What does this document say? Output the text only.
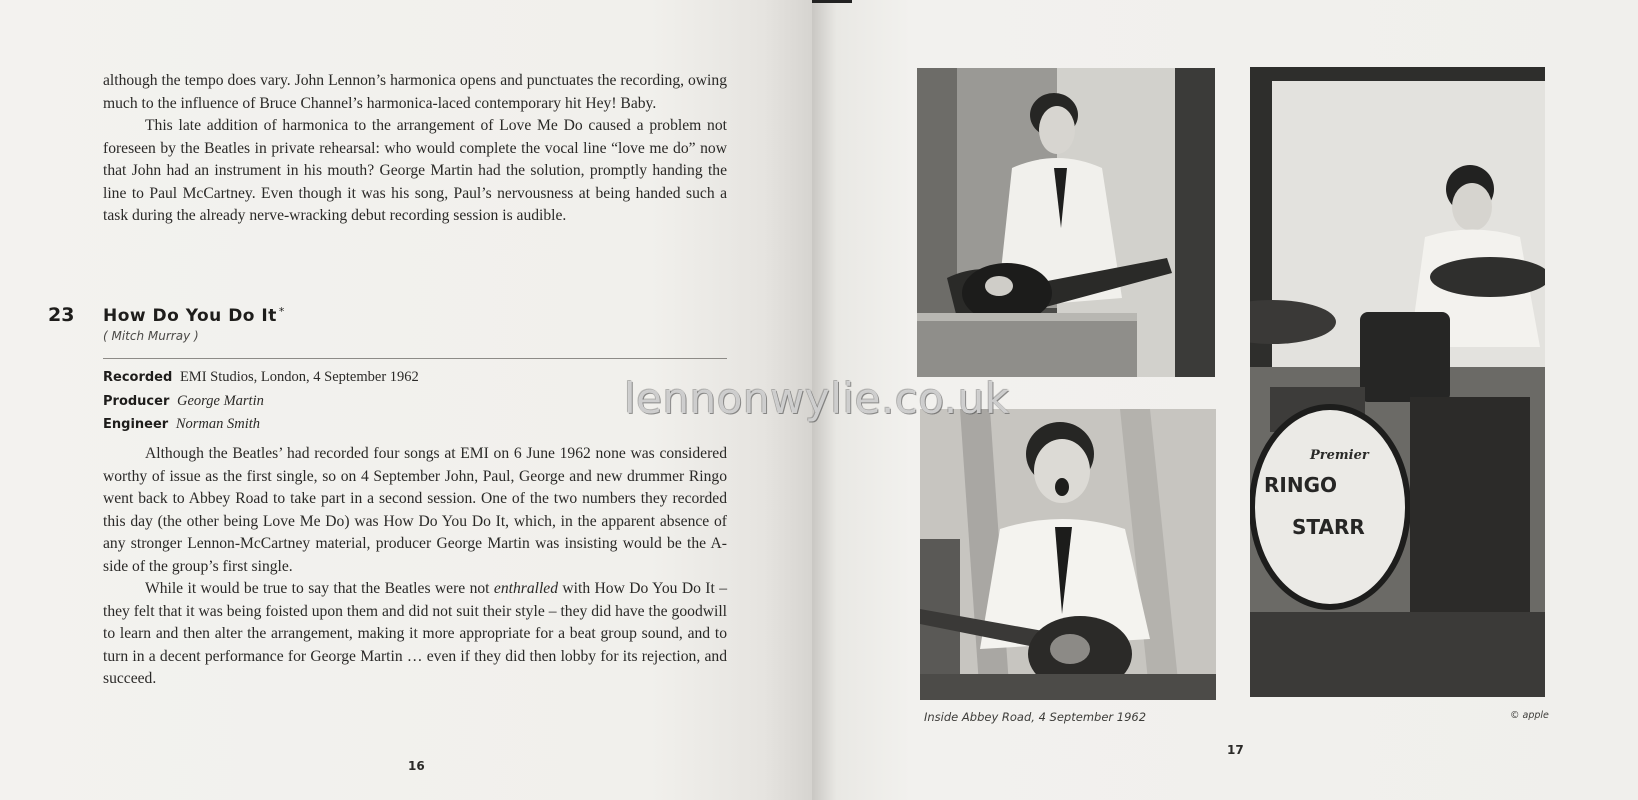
although the tempo does vary. John Lennon’s harmonica opens and punctuates the recording, owing much to the influence of Bruce Channel’s harmonica-laced contemporary hit Hey! Baby.

This late addition of harmonica to the arrangement of Love Me Do caused a problem not foreseen by the Beatles in private rehearsal: who would complete the vocal line “love me do” now that John had an instrument in his mouth? George Martin had the solution, promptly handing the line to Paul McCartney. Even though it was his song, Paul’s nervousness at being handed such a task during the already nerve-wracking debut recording session is audible.

23 How Do You Do It *
( Mitch Murray )
Recorded EMI Studios, London, 4 September 1962
Producer George Martin
Engineer Norman Smith

Although the Beatles’ had recorded four songs at EMI on 6 June 1962 none was considered worthy of issue as the first single, so on 4 September John, Paul, George and new drummer Ringo went back to Abbey Road to take part in a second session. One of the two numbers they recorded this day (the other being Love Me Do) was How Do You Do It, which, in the apparent absence of any stronger Lennon-McCartney material, producer George Martin was insisting would be the A-side of the group’s first single.

While it would be true to say that the Beatles were not enthralled with How Do You Do It – they felt that it was being foisted upon them and did not suit their style – they did have the goodwill to learn and then alter the arrangement, making it more appropriate for a beat group sound, and to turn in a decent performance for George Martin … even if they did then lobby for its rejection, and succeed.

16
Premier
RINGO
STARR
Inside Abbey Road, 4 September 1962	© apple
17
lennonwylie.co.uk
